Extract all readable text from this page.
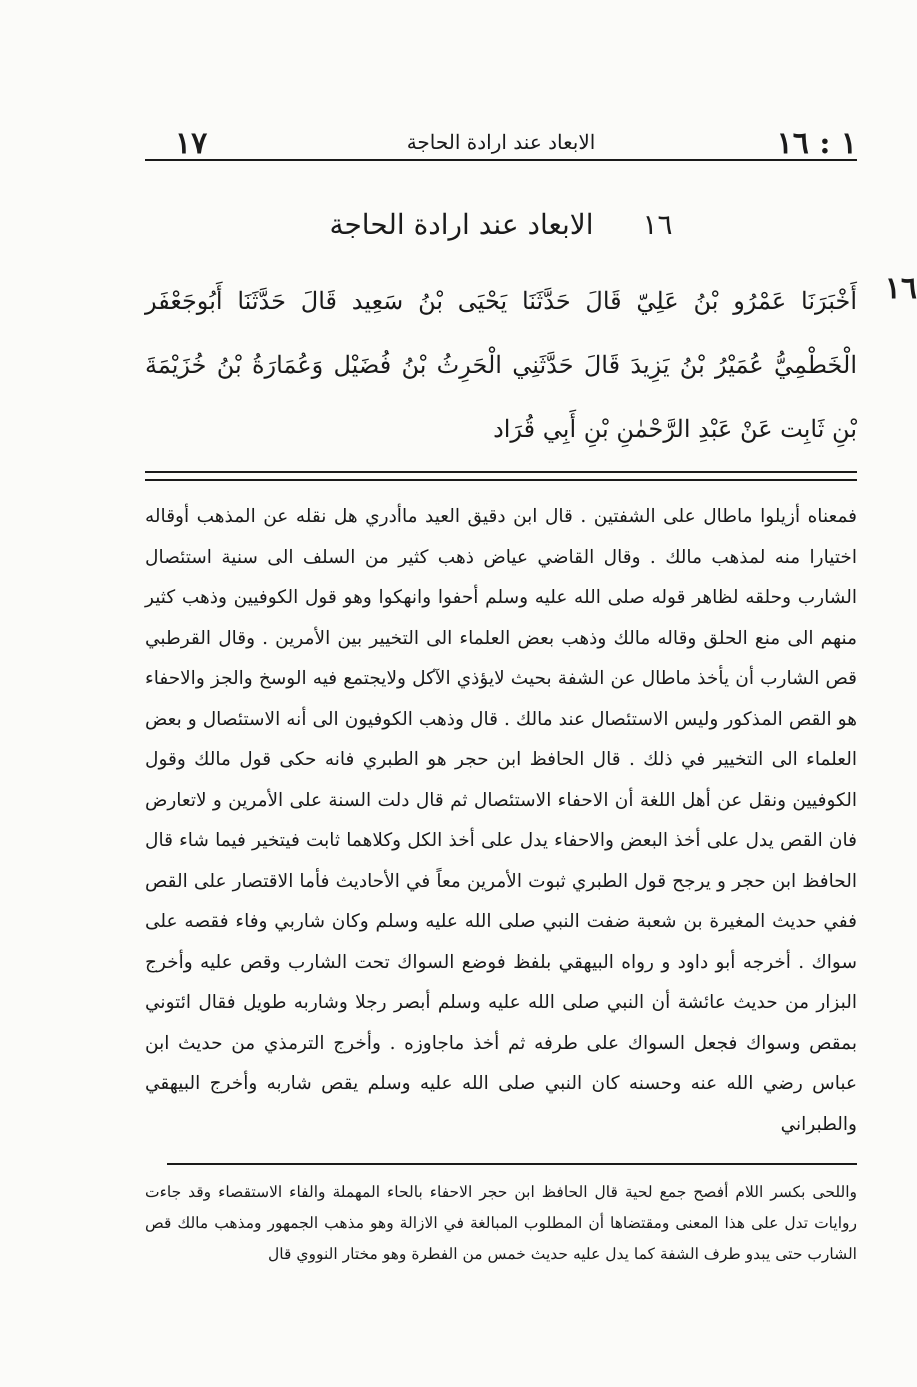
١ : ١٦
الابعاد عند ارادة الحاجة
١٧
١٦ الابعاد عند ارادة الحاجة
١٦
أَخْبَرَنَا عَمْرُو بْنُ عَلِيّ قَالَ حَدَّثَنَا يَحْيَى بْنُ سَعِيد قَالَ حَدَّثَنَا أَبُوجَعْفَر الْخَطْمِيُّ عُمَيْرُ بْنُ يَزِيدَ قَالَ حَدَّثَنِي الْحَرِثُ بْنُ فُضَيْل وَعُمَارَةُ بْنُ خُزَيْمَةَ بْنِ ثَابِت عَنْ عَبْدِ الرَّحْمٰنِ بْنِ أَبِي قُرَاد
فمعناه أزيلوا ماطال على الشفتين . قال ابن دقيق العيد ماأدري هل نقله عن المذهب أوقاله اختيارا منه لمذهب مالك . وقال القاضي عياض ذهب كثير من السلف الى سنية استئصال الشارب وحلقه لظاهر قوله صلى الله عليه وسلم أحفوا وانهكوا وهو قول الكوفيين وذهب كثير منهم الى منع الحلق وقاله مالك وذهب بعض العلماء الى التخيير بين الأمرين . وقال القرطبي قص الشارب أن يأخذ ماطال عن الشفة بحيث لايؤذي الآكل ولايجتمع فيه الوسخ والجز والاحفاء هو القص المذكور وليس الاستئصال عند مالك . قال وذهب الكوفيون الى أنه الاستئصال و بعض العلماء الى التخيير في ذلك . قال الحافظ ابن حجر هو الطبري فانه حكى قول مالك وقول الكوفيين ونقل عن أهل اللغة أن الاحفاء الاستئصال ثم قال دلت السنة على الأمرين و لاتعارض فان القص يدل على أخذ البعض والاحفاء يدل على أخذ الكل وكلاهما ثابت فيتخير فيما شاء قال الحافظ ابن حجر و يرجح قول الطبري ثبوت الأمرين معاً في الأحاديث فأما الاقتصار على القص ففي حديث المغيرة بن شعبة ضفت النبي صلى الله عليه وسلم وكان شاربي وفاء فقصه على سواك . أخرجه أبو داود و رواه البيهقي بلفظ فوضع السواك تحت الشارب وقص عليه وأخرج البزار من حديث عائشة أن النبي صلى الله عليه وسلم أبصر رجلا وشاربه طويل فقال ائتوني بمقص وسواك فجعل السواك على طرفه ثم أخذ ماجاوزه . وأخرج الترمذي من حديث ابن عباس رضي الله عنه وحسنه كان النبي صلى الله عليه وسلم يقص شاربه وأخرج البيهقي والطبراني
واللحى بكسر اللام أفصح جمع لحية قال الحافظ ابن حجر الاحفاء بالحاء المهملة والفاء الاستقصاء وقد جاءت روايات تدل على هذا المعنى ومقتضاها أن المطلوب المبالغة في الازالة وهو مذهب الجمهور ومذهب مالك قص الشارب حتى يبدو طرف الشفة كما يدل عليه حديث خمس من الفطرة وهو مختار النووي قال
